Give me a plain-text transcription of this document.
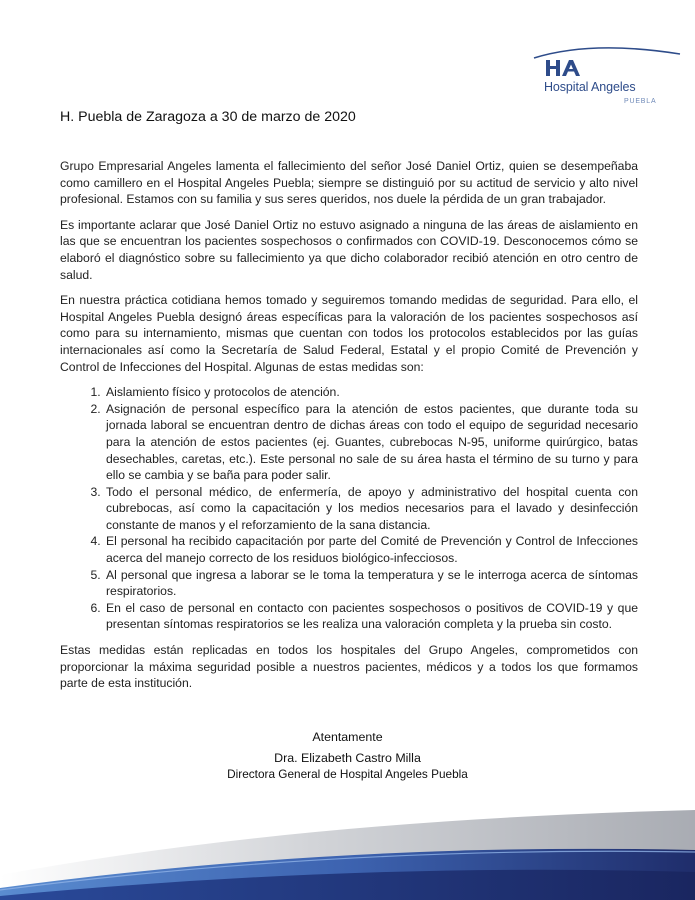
Hospital Angeles
PUEBLA
H. Puebla de Zaragoza a 30 de marzo de 2020

Grupo Empresarial Angeles lamenta el fallecimiento del señor José Daniel Ortiz, quien se desempeñaba como camillero en el Hospital Angeles Puebla; siempre se distinguió por su actitud de servicio y alto nivel profesional. Estamos con su familia y sus seres queridos, nos duele la pérdida de un gran trabajador.

Es importante aclarar que José Daniel Ortiz no estuvo asignado a ninguna de las áreas de aislamiento en las que se encuentran los pacientes sospechosos o confirmados con COVID-19. Desconocemos cómo se elaboró el diagnóstico sobre su fallecimiento ya que dicho colaborador recibió atención en otro centro de salud.

En nuestra práctica cotidiana hemos tomado y seguiremos tomando medidas de seguridad. Para ello, el Hospital Angeles Puebla designó áreas específicas para la valoración de los pacientes sospechosos así como para su internamiento, mismas que cuentan con todos los protocolos establecidos por las guías internacionales así como la Secretaría de Salud Federal, Estatal y el propio Comité de Prevención y Control de Infecciones del Hospital. Algunas de estas medidas son:

1. Aislamiento físico y protocolos de atención.
2. Asignación de personal específico para la atención de estos pacientes, que durante toda su jornada laboral se encuentran dentro de dichas áreas con todo el equipo de seguridad necesario para la atención de estos pacientes (ej. Guantes, cubrebocas N-95, uniforme quirúrgico, batas desechables, caretas, etc.). Este personal no sale de su área hasta el término de su turno y para ello se cambia y se baña para poder salir.
3. Todo el personal médico, de enfermería, de apoyo y administrativo del hospital cuenta con cubrebocas, así como la capacitación y los medios necesarios para el lavado y desinfección constante de manos y el reforzamiento de la sana distancia.
4. El personal ha recibido capacitación por parte del Comité de Prevención y Control de Infecciones acerca del manejo correcto de los residuos biológico-infecciosos.
5. Al personal que ingresa a laborar se le toma la temperatura y se le interroga acerca de síntomas respiratorios.
6. En el caso de personal en contacto con pacientes sospechosos o positivos de COVID-19 y que presentan síntomas respiratorios se les realiza una valoración completa y la prueba sin costo.

Estas medidas están replicadas en todos los hospitales del Grupo Angeles, comprometidos con proporcionar la máxima seguridad posible a nuestros pacientes, médicos y a todos los que formamos parte de esta institución.

Atentamente
Dra. Elizabeth Castro Milla
Directora General de Hospital Angeles Puebla
